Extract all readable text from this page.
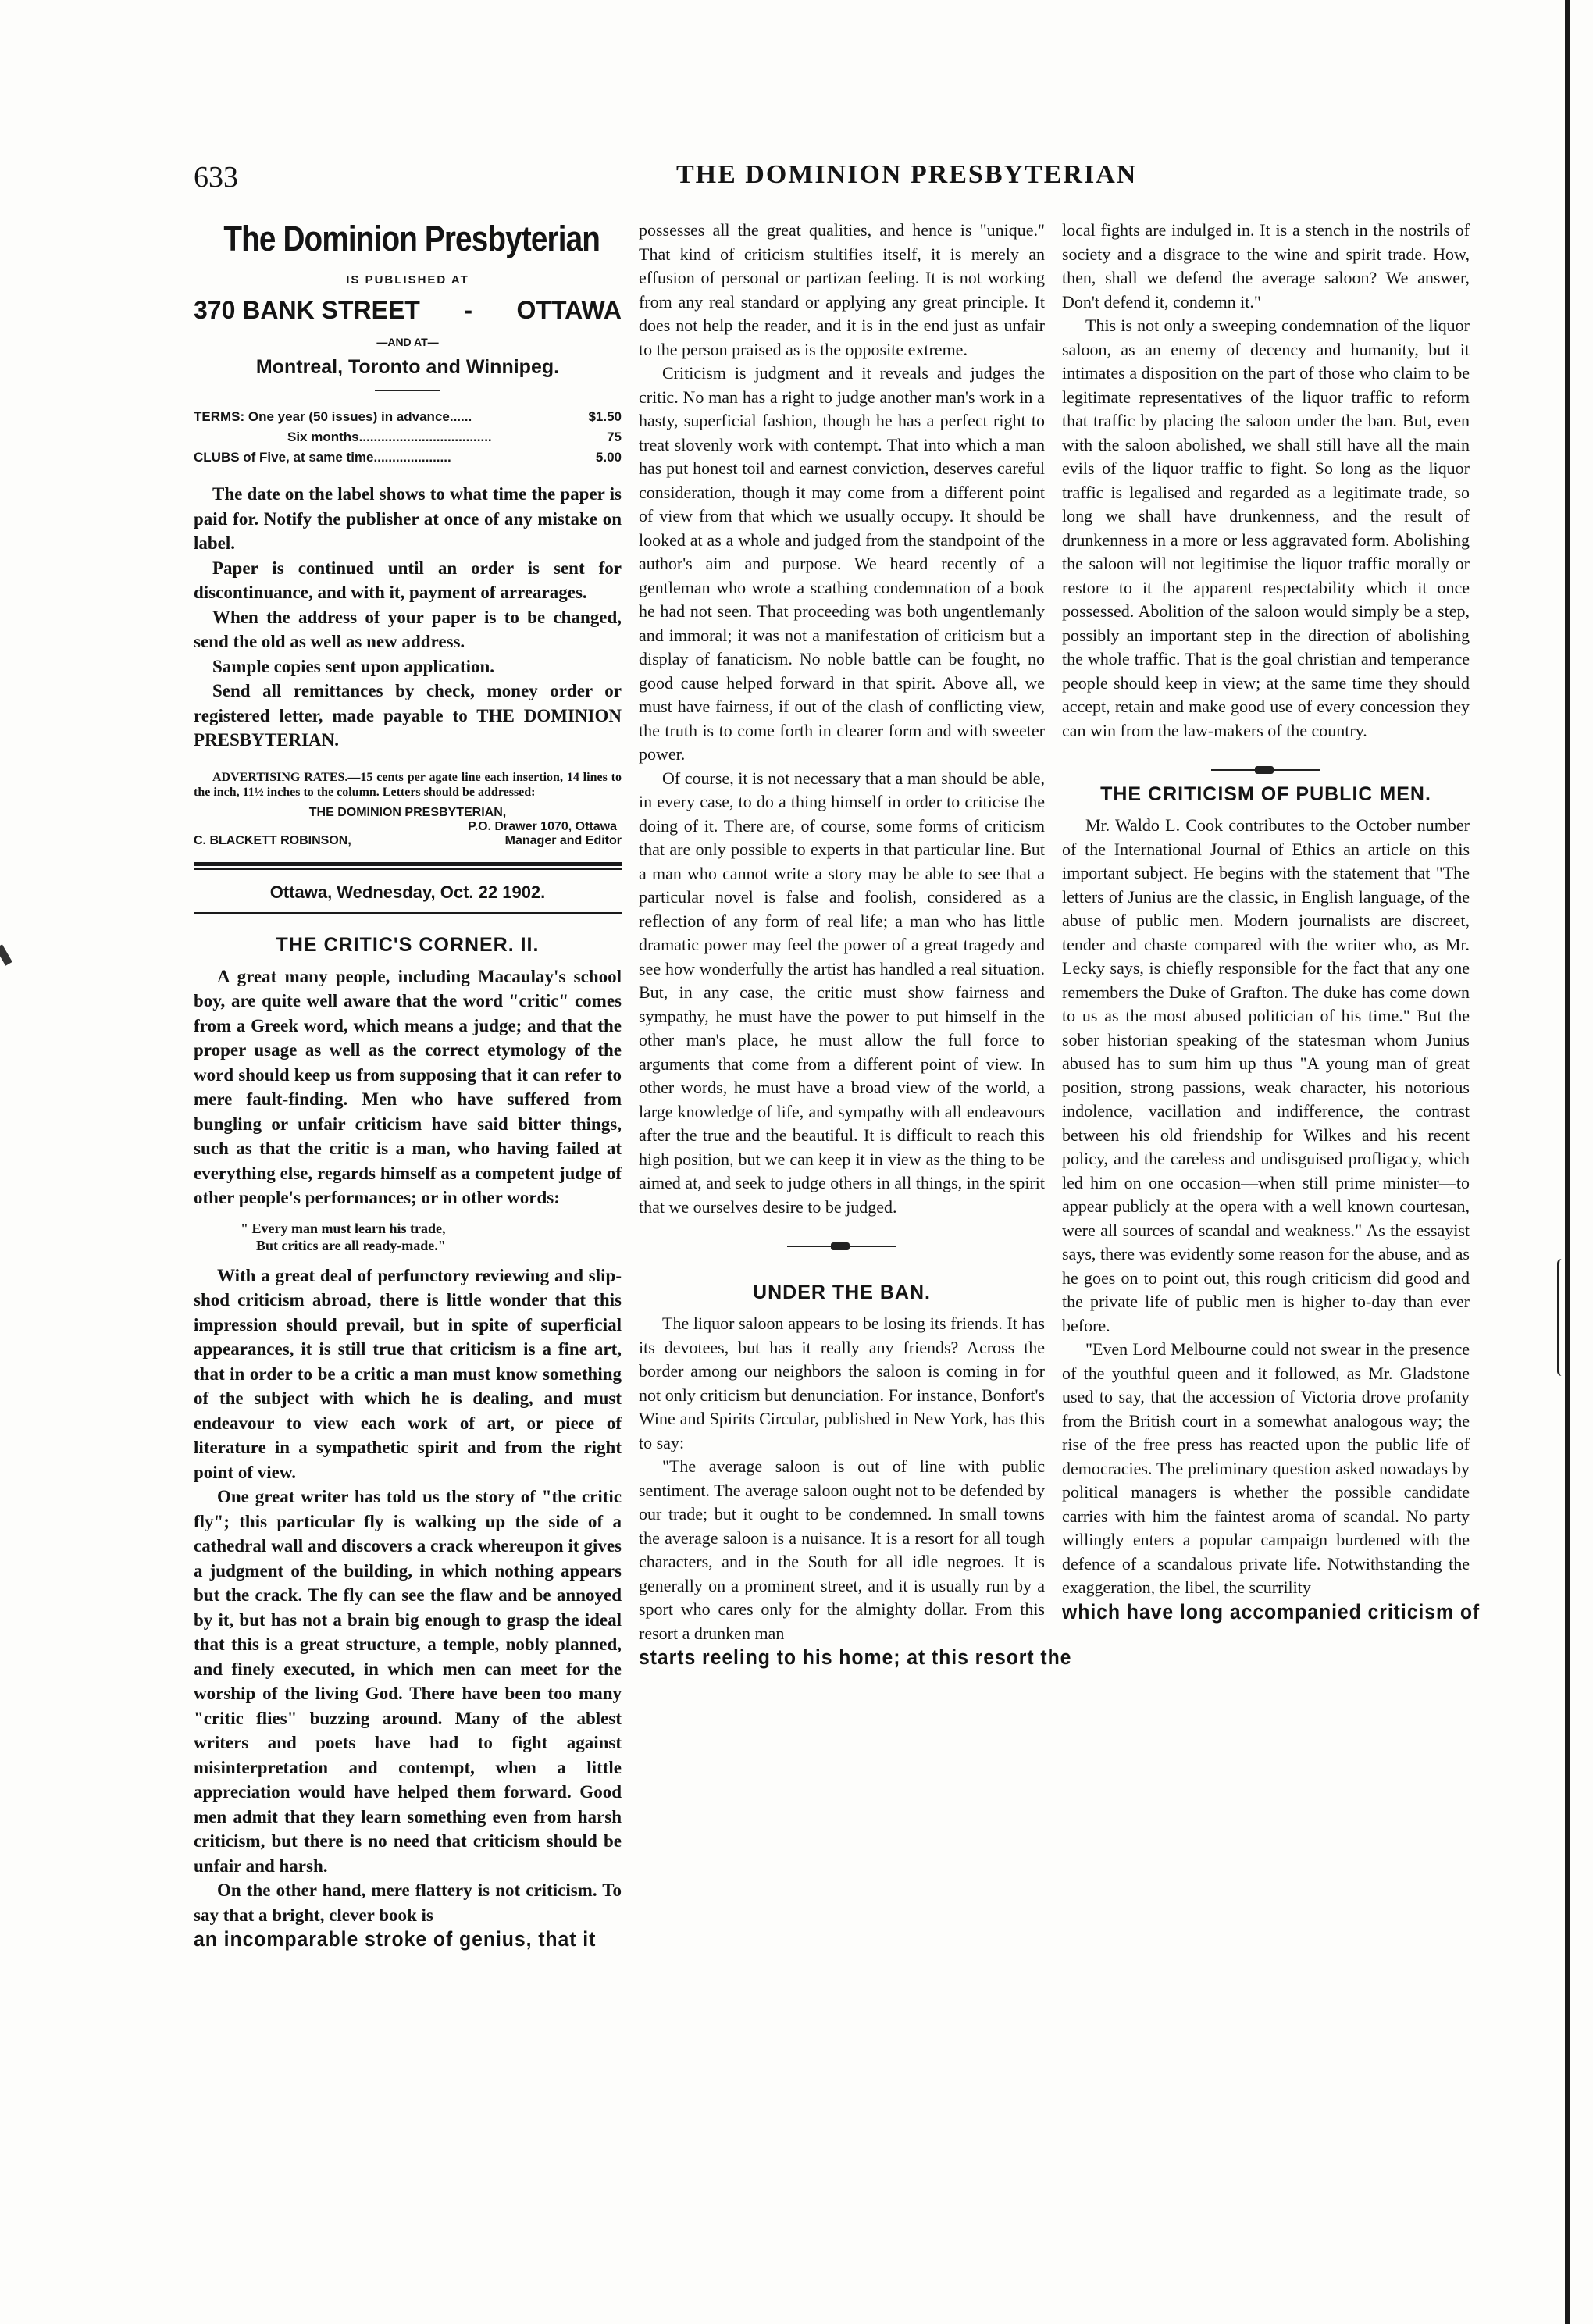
633	THE DOMINION PRESBYTERIAN
The Dominion Presbyterian
IS PUBLISHED AT
370 BANK STREET - OTTAWA
—AND AT—
Montreal, Toronto and Winnipeg.
TERMS: One year (50 issues) in advance......	$1.50
Six months....................................	75
CLUBS of Five, at same time.....................	5.00

The date on the label shows to what time the paper is paid for. Notify the publisher at once of any mistake on label.

Paper is continued until an order is sent for discontinuance, and with it, payment of arrearages.

When the address of your paper is to be changed, send the old as well as new address.

Sample copies sent upon application.

Send all remittances by check, money order or registered letter, made payable to THE DOMINION PRESBYTERIAN.

ADVERTISING RATES.—15 cents per agate line each insertion, 14 lines to the inch, 11½ inches to the column. Letters should be addressed:
THE DOMINION PRESBYTERIAN,
P.O. Drawer 1070, Ottawa
C. BLACKETT ROBINSON,	Manager and Editor
Ottawa, Wednesday, Oct. 22 1902.
THE CRITIC'S CORNER. II.

A great many people, including Macaulay's school boy, are quite well aware that the word "critic" comes from a Greek word, which means a judge; and that the proper usage as well as the correct etymology of the word should keep us from supposing that it can refer to mere fault-finding. Men who have suffered from bungling or unfair criticism have said bitter things, such as that the critic is a man, who having failed at everything else, regards himself as a competent judge of other people's performances; or in other words:

" Every man must learn his trade,
But critics are all ready-made."

With a great deal of perfunctory reviewing and slip-shod criticism abroad, there is little wonder that this impression should prevail, but in spite of superficial appearances, it is still true that criticism is a fine art, that in order to be a critic a man must know something of the subject with which he is dealing, and must endeavour to view each work of art, or piece of literature in a sympathetic spirit and from the right point of view.

One great writer has told us the story of "the critic fly"; this particular fly is walking up the side of a cathedral wall and discovers a crack whereupon it gives a judgment of the building, in which nothing appears but the crack. The fly can see the flaw and be annoyed by it, but has not a brain big enough to grasp the ideal that this is a great structure, a temple, nobly planned, and finely executed, in which men can meet for the worship of the living God. There have been too many "critic flies" buzzing around. Many of the ablest writers and poets have had to fight against misinterpretation and contempt, when a little appreciation would have helped them forward. Good men admit that they learn something even from harsh criticism, but there is no need that criticism should be unfair and harsh.

On the other hand, mere flattery is not criticism. To say that a bright, clever book is

an incomparable stroke of genius, that it

possesses all the great qualities, and hence is "unique." That kind of criticism stultifies itself, it is merely an effusion of personal or partizan feeling. It is not working from any real standard or applying any great principle. It does not help the reader, and it is in the end just as unfair to the person praised as is the opposite extreme.

Criticism is judgment and it reveals and judges the critic. No man has a right to judge another man's work in a hasty, superficial fashion, though he has a perfect right to treat slovenly work with contempt. That into which a man has put honest toil and earnest conviction, deserves careful consideration, though it may come from a different point of view from that which we usually occupy. It should be looked at as a whole and judged from the standpoint of the author's aim and purpose. We heard recently of a gentleman who wrote a scathing condemnation of a book he had not seen. That proceeding was both ungentlemanly and immoral; it was not a manifestation of criticism but a display of fanaticism. No noble battle can be fought, no good cause helped forward in that spirit. Above all, we must have fairness, if out of the clash of conflicting view, the truth is to come forth in clearer form and with sweeter power.

Of course, it is not necessary that a man should be able, in every case, to do a thing himself in order to criticise the doing of it. There are, of course, some forms of criticism that are only possible to experts in that particular line. But a man who cannot write a story may be able to see that a particular novel is false and foolish, considered as a reflection of any form of real life; a man who has little dramatic power may feel the power of a great tragedy and see how wonderfully the artist has handled a real situation. But, in any case, the critic must show fairness and sympathy, he must have the power to put himself in the other man's place, he must allow the full force to arguments that come from a different point of view. In other words, he must have a broad view of the world, a large knowledge of life, and sympathy with all endeavours after the true and the beautiful. It is difficult to reach this high position, but we can keep it in view as the thing to be aimed at, and seek to judge others in all things, in the spirit that we ourselves desire to be judged.

UNDER THE BAN.

The liquor saloon appears to be losing its friends. It has its devotees, but has it really any friends? Across the border among our neighbors the saloon is coming in for not only criticism but denunciation. For instance, Bonfort's Wine and Spirits Circular, published in New York, has this to say:

"The average saloon is out of line with public sentiment. The average saloon ought not to be defended by our trade; but it ought to be condemned. In small towns the average saloon is a nuisance. It is a resort for all tough characters, and in the South for all idle negroes. It is generally on a prominent street, and it is usually run by a sport who cares only for the almighty dollar. From this resort a drunken man

starts reeling to his home; at this resort the

local fights are indulged in. It is a stench in the nostrils of society and a disgrace to the wine and spirit trade. How, then, shall we defend the average saloon? We answer, Don't defend it, condemn it."

This is not only a sweeping condemnation of the liquor saloon, as an enemy of decency and humanity, but it intimates a disposition on the part of those who claim to be legitimate representatives of the liquor traffic to reform that traffic by placing the saloon under the ban. But, even with the saloon abolished, we shall still have all the main evils of the liquor traffic to fight. So long as the liquor traffic is legalised and regarded as a legitimate trade, so long we shall have drunkenness, and the result of drunkenness in a more or less aggravated form. Abolishing the saloon will not legitimise the liquor traffic morally or restore to it the apparent respectability which it once possessed. Abolition of the saloon would simply be a step, possibly an important step in the direction of abolishing the whole traffic. That is the goal christian and temperance people should keep in view; at the same time they should accept, retain and make good use of every concession they can win from the law-makers of the country.

THE CRITICISM OF PUBLIC MEN.

Mr. Waldo L. Cook contributes to the October number of the International Journal of Ethics an article on this important subject. He begins with the statement that "The letters of Junius are the classic, in English language, of the abuse of public men. Modern journalists are discreet, tender and chaste compared with the writer who, as Mr. Lecky says, is chiefly responsible for the fact that any one remembers the Duke of Grafton. The duke has come down to us as the most abused politician of his time." But the sober historian speaking of the statesman whom Junius abused has to sum him up thus "A young man of great position, strong passions, weak character, his notorious indolence, vacillation and indifference, the contrast between his old friendship for Wilkes and his recent policy, and the careless and undisguised profligacy, which led him on one occasion—when still prime minister—to appear publicly at the opera with a well known courtesan, were all sources of scandal and weakness." As the essayist says, there was evidently some reason for the abuse, and as he goes on to point out, this rough criticism did good and the private life of public men is higher to-day than ever before.

"Even Lord Melbourne could not swear in the presence of the youthful queen and it followed, as Mr. Gladstone used to say, that the accession of Victoria drove profanity from the British court in a somewhat analogous way; the rise of the free press has reacted upon the public life of democracies. The preliminary question asked nowadays by political managers is whether the possible candidate carries with him the faintest aroma of scandal. No party willingly enters a popular campaign burdened with the defence of a scandalous private life. Notwithstanding the exaggeration, the libel, the scurrility

which have long accompanied criticism of
